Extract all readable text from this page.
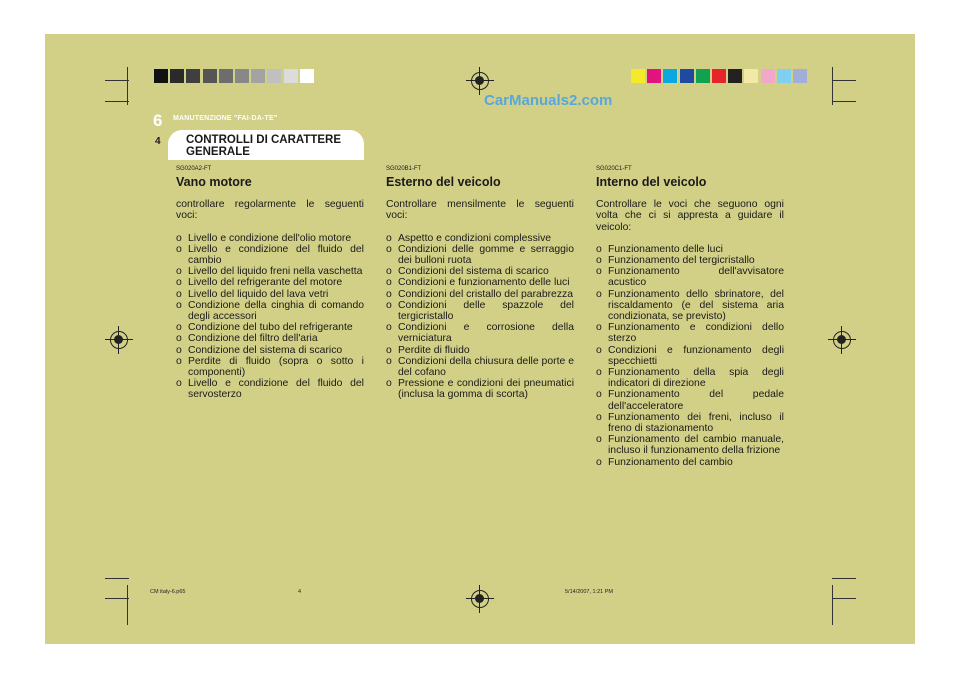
CarManuals2.com
6 MANUTENZIONE "FAI-DA-TE"
4 CONTROLLI DI CARATTERE GENERALE
SG020A2-FT
Vano motore
controllare regolarmente le seguenti voci:
o Livello e condizione dell'olio motore
o Livello e condizione del fluido del cambio
o Livello del liquido freni nella vaschetta
o Livello del refrigerante del motore
o Livello del liquido del lava vetri
o Condizione della cinghia di comando degli accessori
o Condizione del tubo del refrigerante
o Condizione del filtro dell'aria
o Condizione del sistema di scarico
o Perdite di fluido (sopra o sotto i componenti)
o Livello e condizione del fluido del servosterzo
SG020B1-FT
Esterno del veicolo
Controllare mensilmente le seguenti voci:
o Aspetto e condizioni complessive
o Condizioni delle gomme e serraggio dei bulloni ruota
o Condizioni del sistema di scarico
o Condizioni e funzionamento delle luci
o Condizioni del cristallo del parabrezza
o Condizioni delle spazzole del tergicristallo
o Condizioni e corrosione della verniciatura
o Perdite di fluido
o Condizioni della chiusura delle porte e del cofano
o Pressione e condizioni dei pneumatici (inclusa la gomma di scorta)
SG020C1-FT
Interno del veicolo
Controllare le voci che seguono ogni volta che ci si appresta a guidare il veicolo:
o Funzionamento delle luci
o Funzionamento del tergicristallo
o Funzionamento dell'avvisatore acustico
o Funzionamento dello sbrinatore, del riscaldamento (e del sistema aria condizionata, se previsto)
o Funzionamento e condizioni dello sterzo
o Condizioni e funzionamento degli specchietti
o Funzionamento della spia degli indicatori di direzione
o Funzionamento del pedale dell'acceleratore
o Funzionamento dei freni, incluso il freno di stazionamento
o Funzionamento del cambio manuale, incluso il funzionamento della frizione
o Funzionamento del cambio
CM italy-6.p65	4	5/14/2007, 1:21 PM
